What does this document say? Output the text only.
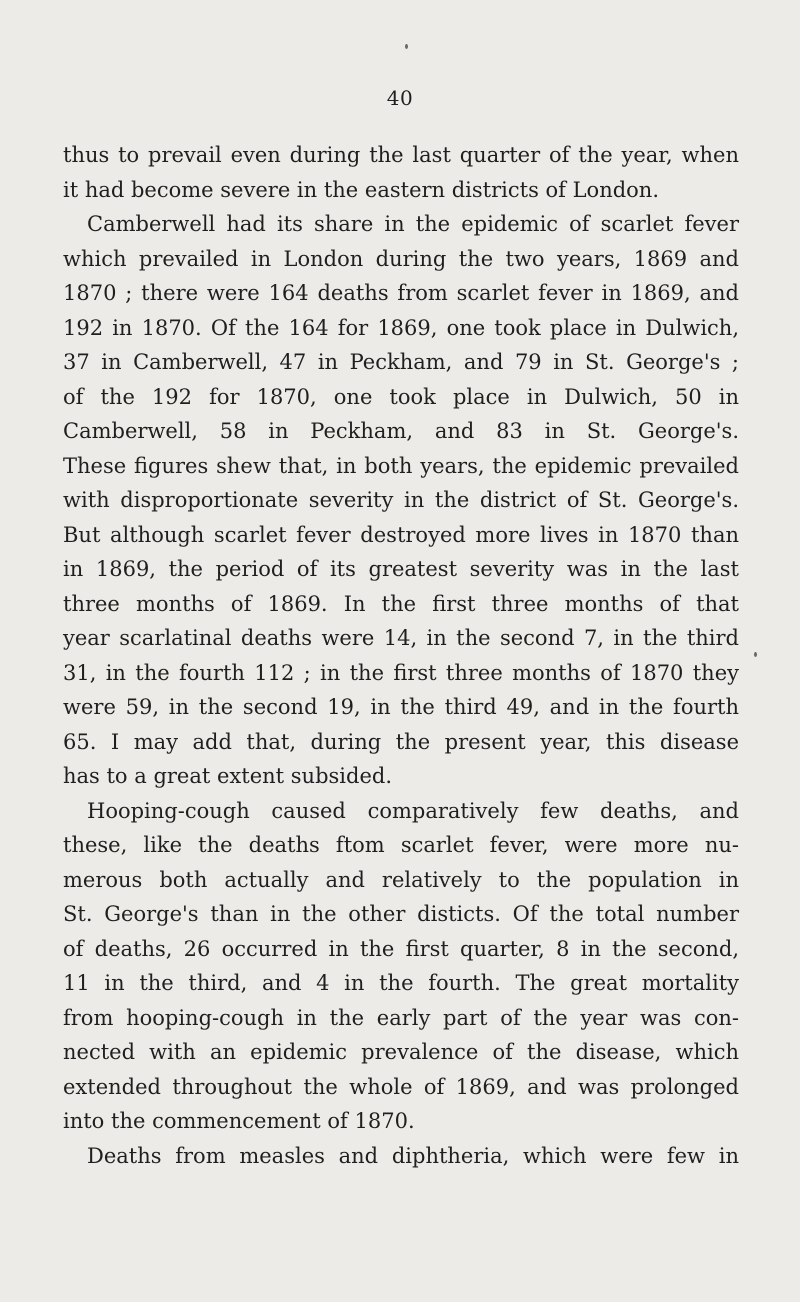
40
thus to prevail even during the last quarter of the year, when
it had become severe in the eastern districts of London.
Camberwell had its share in the epidemic of scarlet fever
which prevailed in London during the two years, 1869 and
1870 ; there were 164 deaths from scarlet fever in 1869, and
192 in 1870. Of the 164 for 1869, one took place in Dulwich,
37 in Camberwell, 47 in Peckham, and 79 in St. George's ;
of the 192 for 1870, one took place in Dulwich, 50 in
Camberwell, 58 in Peckham, and 83 in St. George's.
These figures shew that, in both years, the epidemic prevailed
with disproportionate severity in the district of St. George's.
But although scarlet fever destroyed more lives in 1870 than
in 1869, the period of its greatest severity was in the last
three months of 1869. In the first three months of that
year scarlatinal deaths were 14, in the second 7, in the third
31, in the fourth 112 ; in the first three months of 1870 they
were 59, in the second 19, in the third 49, and in the fourth
65. I may add that, during the present year, this disease
has to a great extent subsided.
Hooping-cough caused comparatively few deaths, and
these, like the deaths ftom scarlet fever, were more nu-
merous both actually and relatively to the population in
St. George's than in the other disticts. Of the total number
of deaths, 26 occurred in the first quarter, 8 in the second,
11 in the third, and 4 in the fourth. The great mortality
from hooping-cough in the early part of the year was con-
nected with an epidemic prevalence of the disease, which
extended throughout the whole of 1869, and was prolonged
into the commencement of 1870.
Deaths from measles and diphtheria, which were few in
